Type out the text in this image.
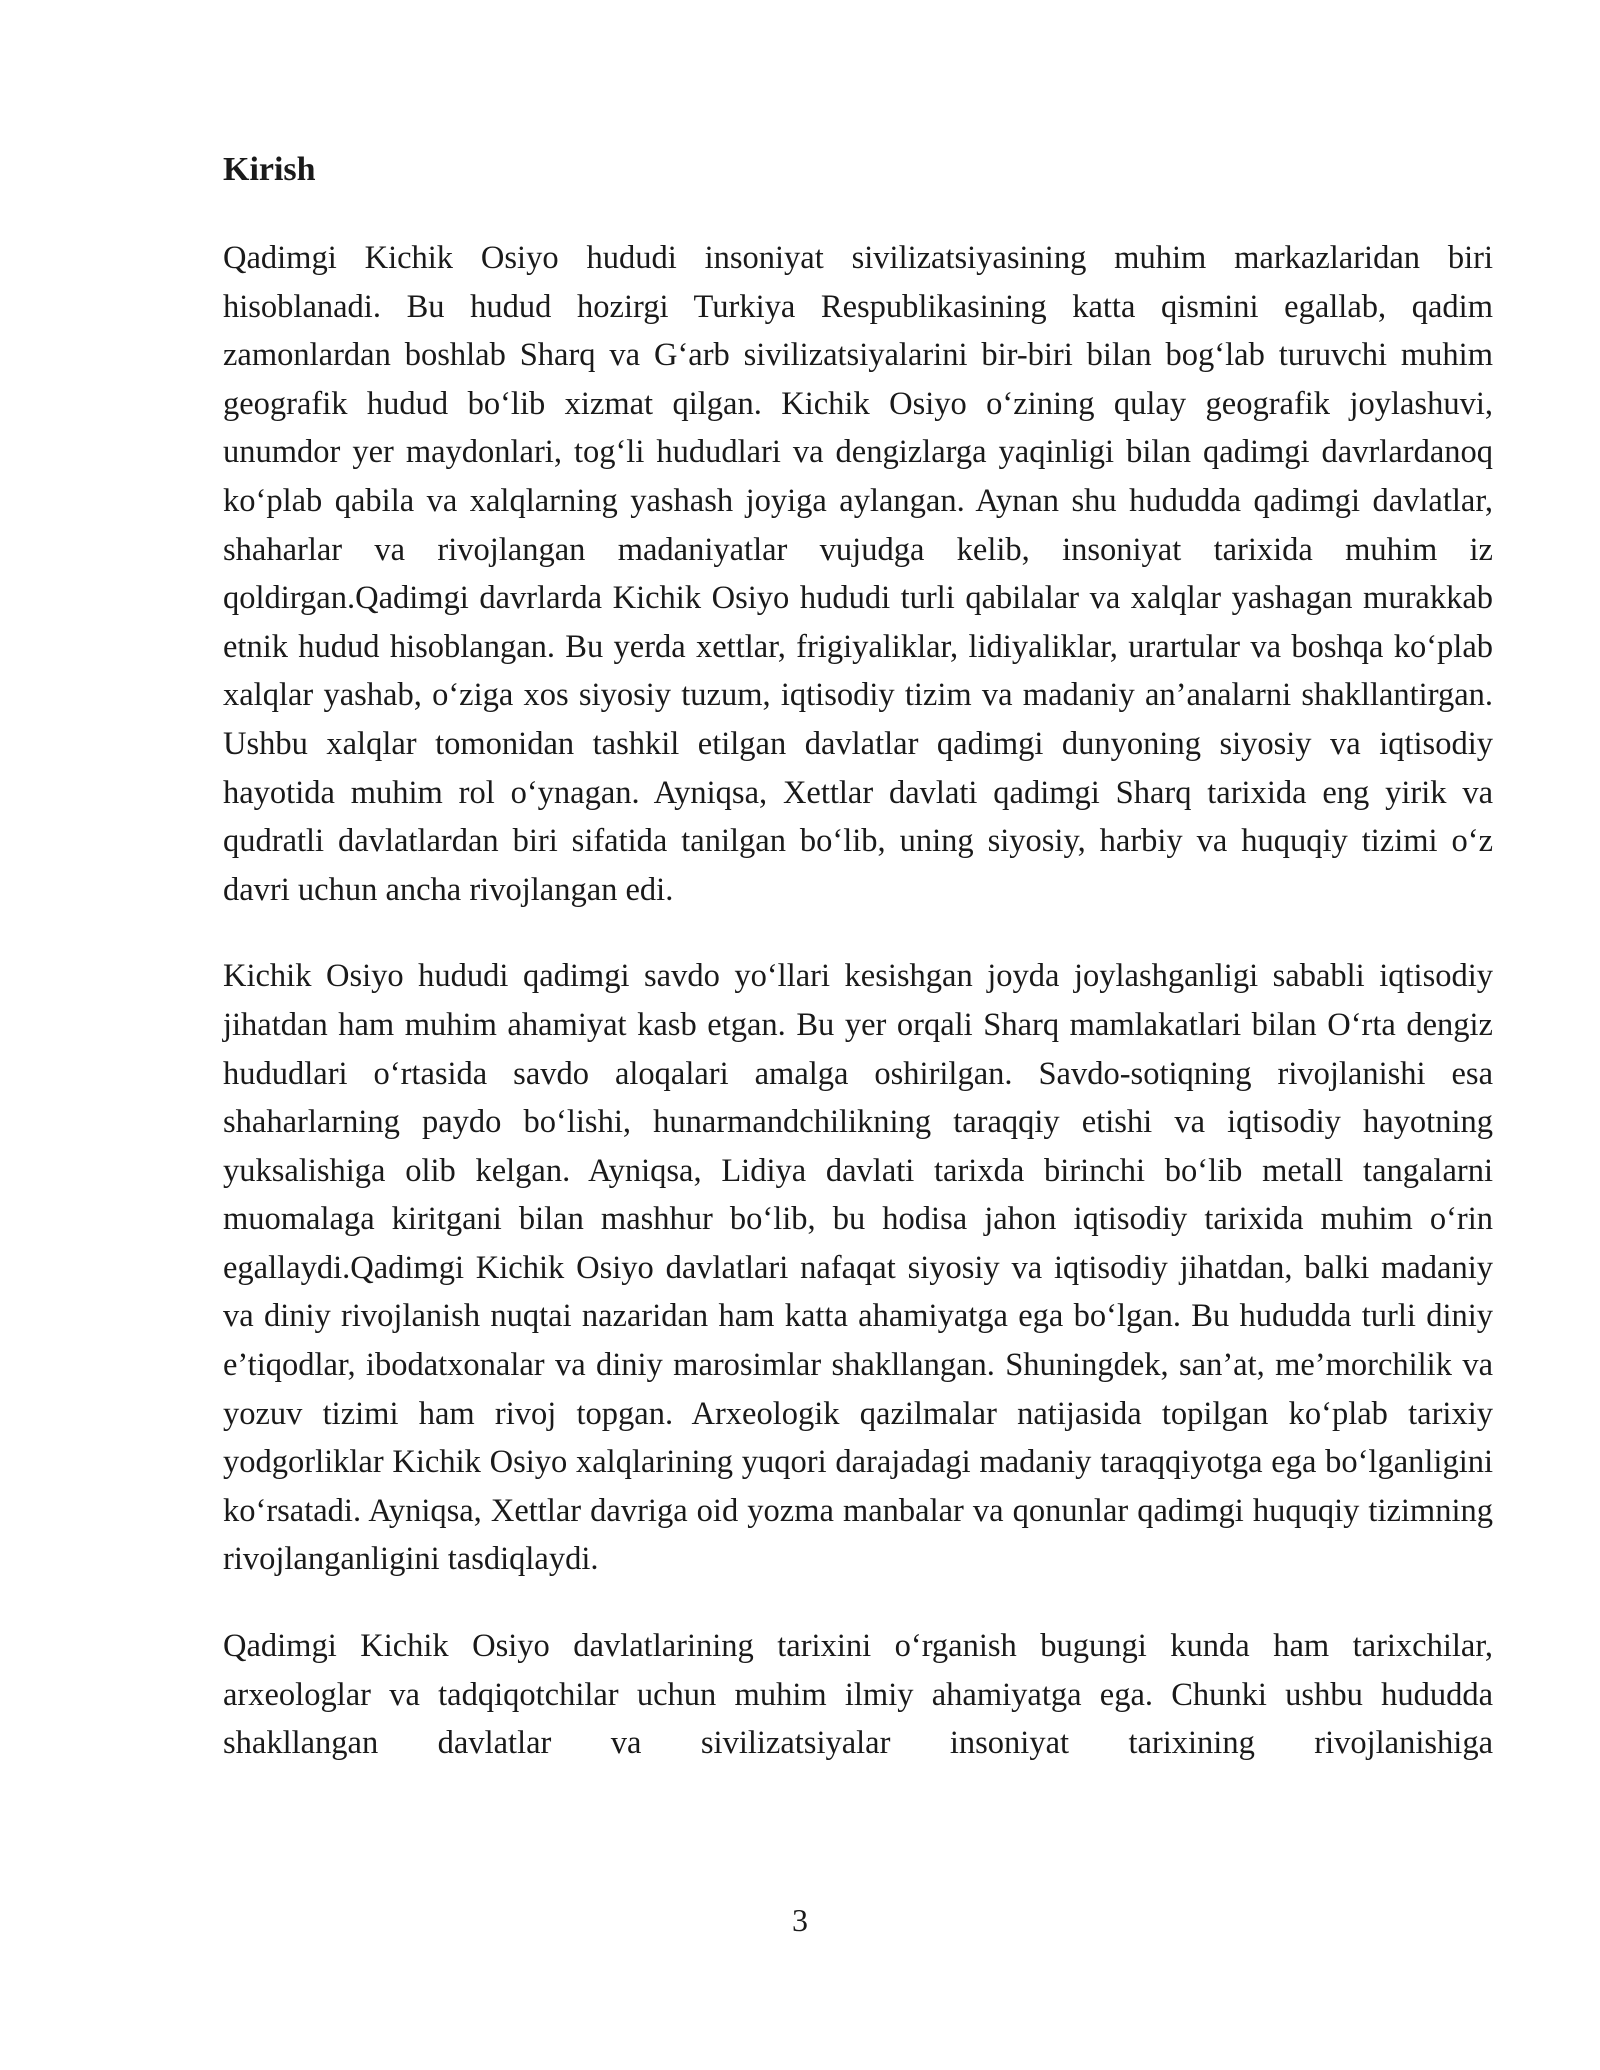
Kirish

Qadimgi Kichik Osiyo hududi insoniyat sivilizatsiyasining muhim markazlaridan biri hisoblanadi. Bu hudud hozirgi Turkiya Respublikasining katta qismini egallab, qadim zamonlardan boshlab Sharq va G‘arb sivilizatsiyalarini bir-biri bilan bog‘lab turuvchi muhim geografik hudud bo‘lib xizmat qilgan. Kichik Osiyo o‘zining qulay geografik joylashuvi, unumdor yer maydonlari, tog‘li hududlari va dengizlarga yaqinligi bilan qadimgi davrlardanoq ko‘plab qabila va xalqlarning yashash joyiga aylangan. Aynan shu hududda qadimgi davlatlar, shaharlar va rivojlangan madaniyatlar vujudga kelib, insoniyat tarixida muhim iz qoldirgan.Qadimgi davrlarda Kichik Osiyo hududi turli qabilalar va xalqlar yashagan murakkab etnik hudud hisoblangan. Bu yerda xettlar, frigiyaliklar, lidiyaliklar, urartular va boshqa ko‘plab xalqlar yashab, o‘ziga xos siyosiy tuzum, iqtisodiy tizim va madaniy an’analarni shakllantirgan. Ushbu xalqlar tomonidan tashkil etilgan davlatlar qadimgi dunyoning siyosiy va iqtisodiy hayotida muhim rol o‘ynagan. Ayniqsa, Xettlar davlati qadimgi Sharq tarixida eng yirik va qudratli davlatlardan biri sifatida tanilgan bo‘lib, uning siyosiy, harbiy va huquqiy tizimi o‘z davri uchun ancha rivojlangan edi.

Kichik Osiyo hududi qadimgi savdo yo‘llari kesishgan joyda joylashganligi sababli iqtisodiy jihatdan ham muhim ahamiyat kasb etgan. Bu yer orqali Sharq mamlakatlari bilan O‘rta dengiz hududlari o‘rtasida savdo aloqalari amalga oshirilgan. Savdo-sotiqning rivojlanishi esa shaharlarning paydo bo‘lishi, hunarmandchilikning taraqqiy etishi va iqtisodiy hayotning yuksalishiga olib kelgan. Ayniqsa, Lidiya davlati tarixda birinchi bo‘lib metall tangalarni muomalaga kiritgani bilan mashhur bo‘lib, bu hodisa jahon iqtisodiy tarixida muhim o‘rin egallaydi.Qadimgi Kichik Osiyo davlatlari nafaqat siyosiy va iqtisodiy jihatdan, balki madaniy va diniy rivojlanish nuqtai nazaridan ham katta ahamiyatga ega bo‘lgan. Bu hududda turli diniy e’tiqodlar, ibodatxonalar va diniy marosimlar shakllangan. Shuningdek, san’at, me’morchilik va yozuv tizimi ham rivoj topgan. Arxeologik qazilmalar natijasida topilgan ko‘plab tarixiy yodgorliklar Kichik Osiyo xalqlarining yuqori darajadagi madaniy taraqqiyotga ega bo‘lganligini ko‘rsatadi. Ayniqsa, Xettlar davriga oid yozma manbalar va qonunlar qadimgi huquqiy tizimning rivojlanganligini tasdiqlaydi.

Qadimgi Kichik Osiyo davlatlarining tarixini o‘rganish bugungi kunda ham tarixchilar, arxeologlar va tadqiqotchilar uchun muhim ilmiy ahamiyatga ega. Chunki ushbu hududda shakllangan davlatlar va sivilizatsiyalar insoniyat tarixining rivojlanishiga

3
